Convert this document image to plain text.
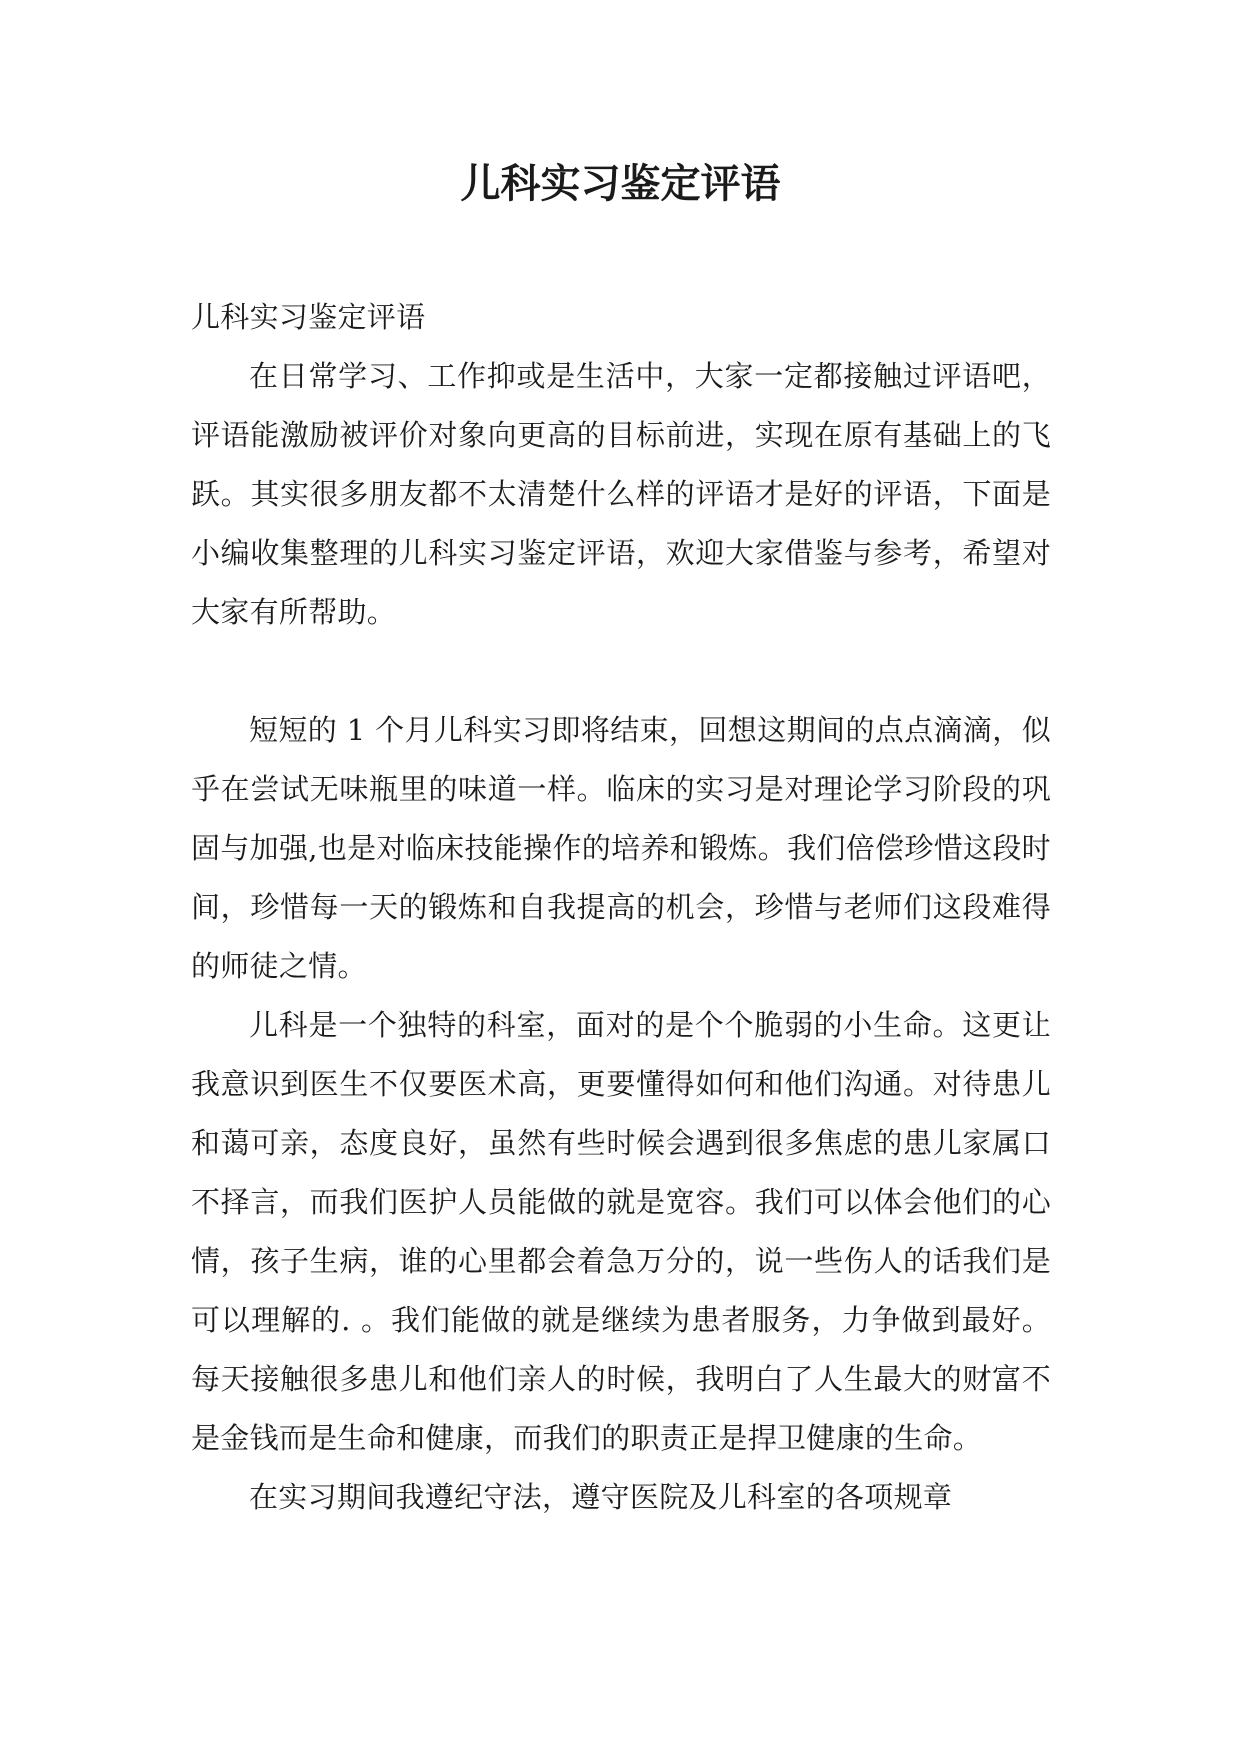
儿科实习鉴定评语

儿科实习鉴定评语

在日常学习、工作抑或是生活中，大家一定都接触过评语吧，评语能激励被评价对象向更高的目标前进，实现在原有基础上的飞跃。其实很多朋友都不太清楚什么样的评语才是好的评语，下面是小编收集整理的儿科实习鉴定评语，欢迎大家借鉴与参考，希望对大家有所帮助。

短短的 1 个月儿科实习即将结束，回想这期间的点点滴滴，似乎在尝试无味瓶里的味道一样。临床的实习是对理论学习阶段的巩固与加强,也是对临床技能操作的培养和锻炼。我们倍偿珍惜这段时间，珍惜每一天的锻炼和自我提高的机会，珍惜与老师们这段难得的师徒之情。

儿科是一个独特的科室，面对的是个个脆弱的小生命。这更让我意识到医生不仅要医术高，更要懂得如何和他们沟通。对待患儿和蔼可亲，态度良好，虽然有些时候会遇到很多焦虑的患儿家属口不择言，而我们医护人员能做的就是宽容。我们可以体会他们的心情，孩子生病，谁的心里都会着急万分的，说一些伤人的话我们是可以理解的. 。我们能做的就是继续为患者服务，力争做到最好。每天接触很多患儿和他们亲人的时候，我明白了人生最大的财富不是金钱而是生命和健康，而我们的职责正是捍卫健康的生命。

在实习期间我遵纪守法，遵守医院及儿科室的各项规章
